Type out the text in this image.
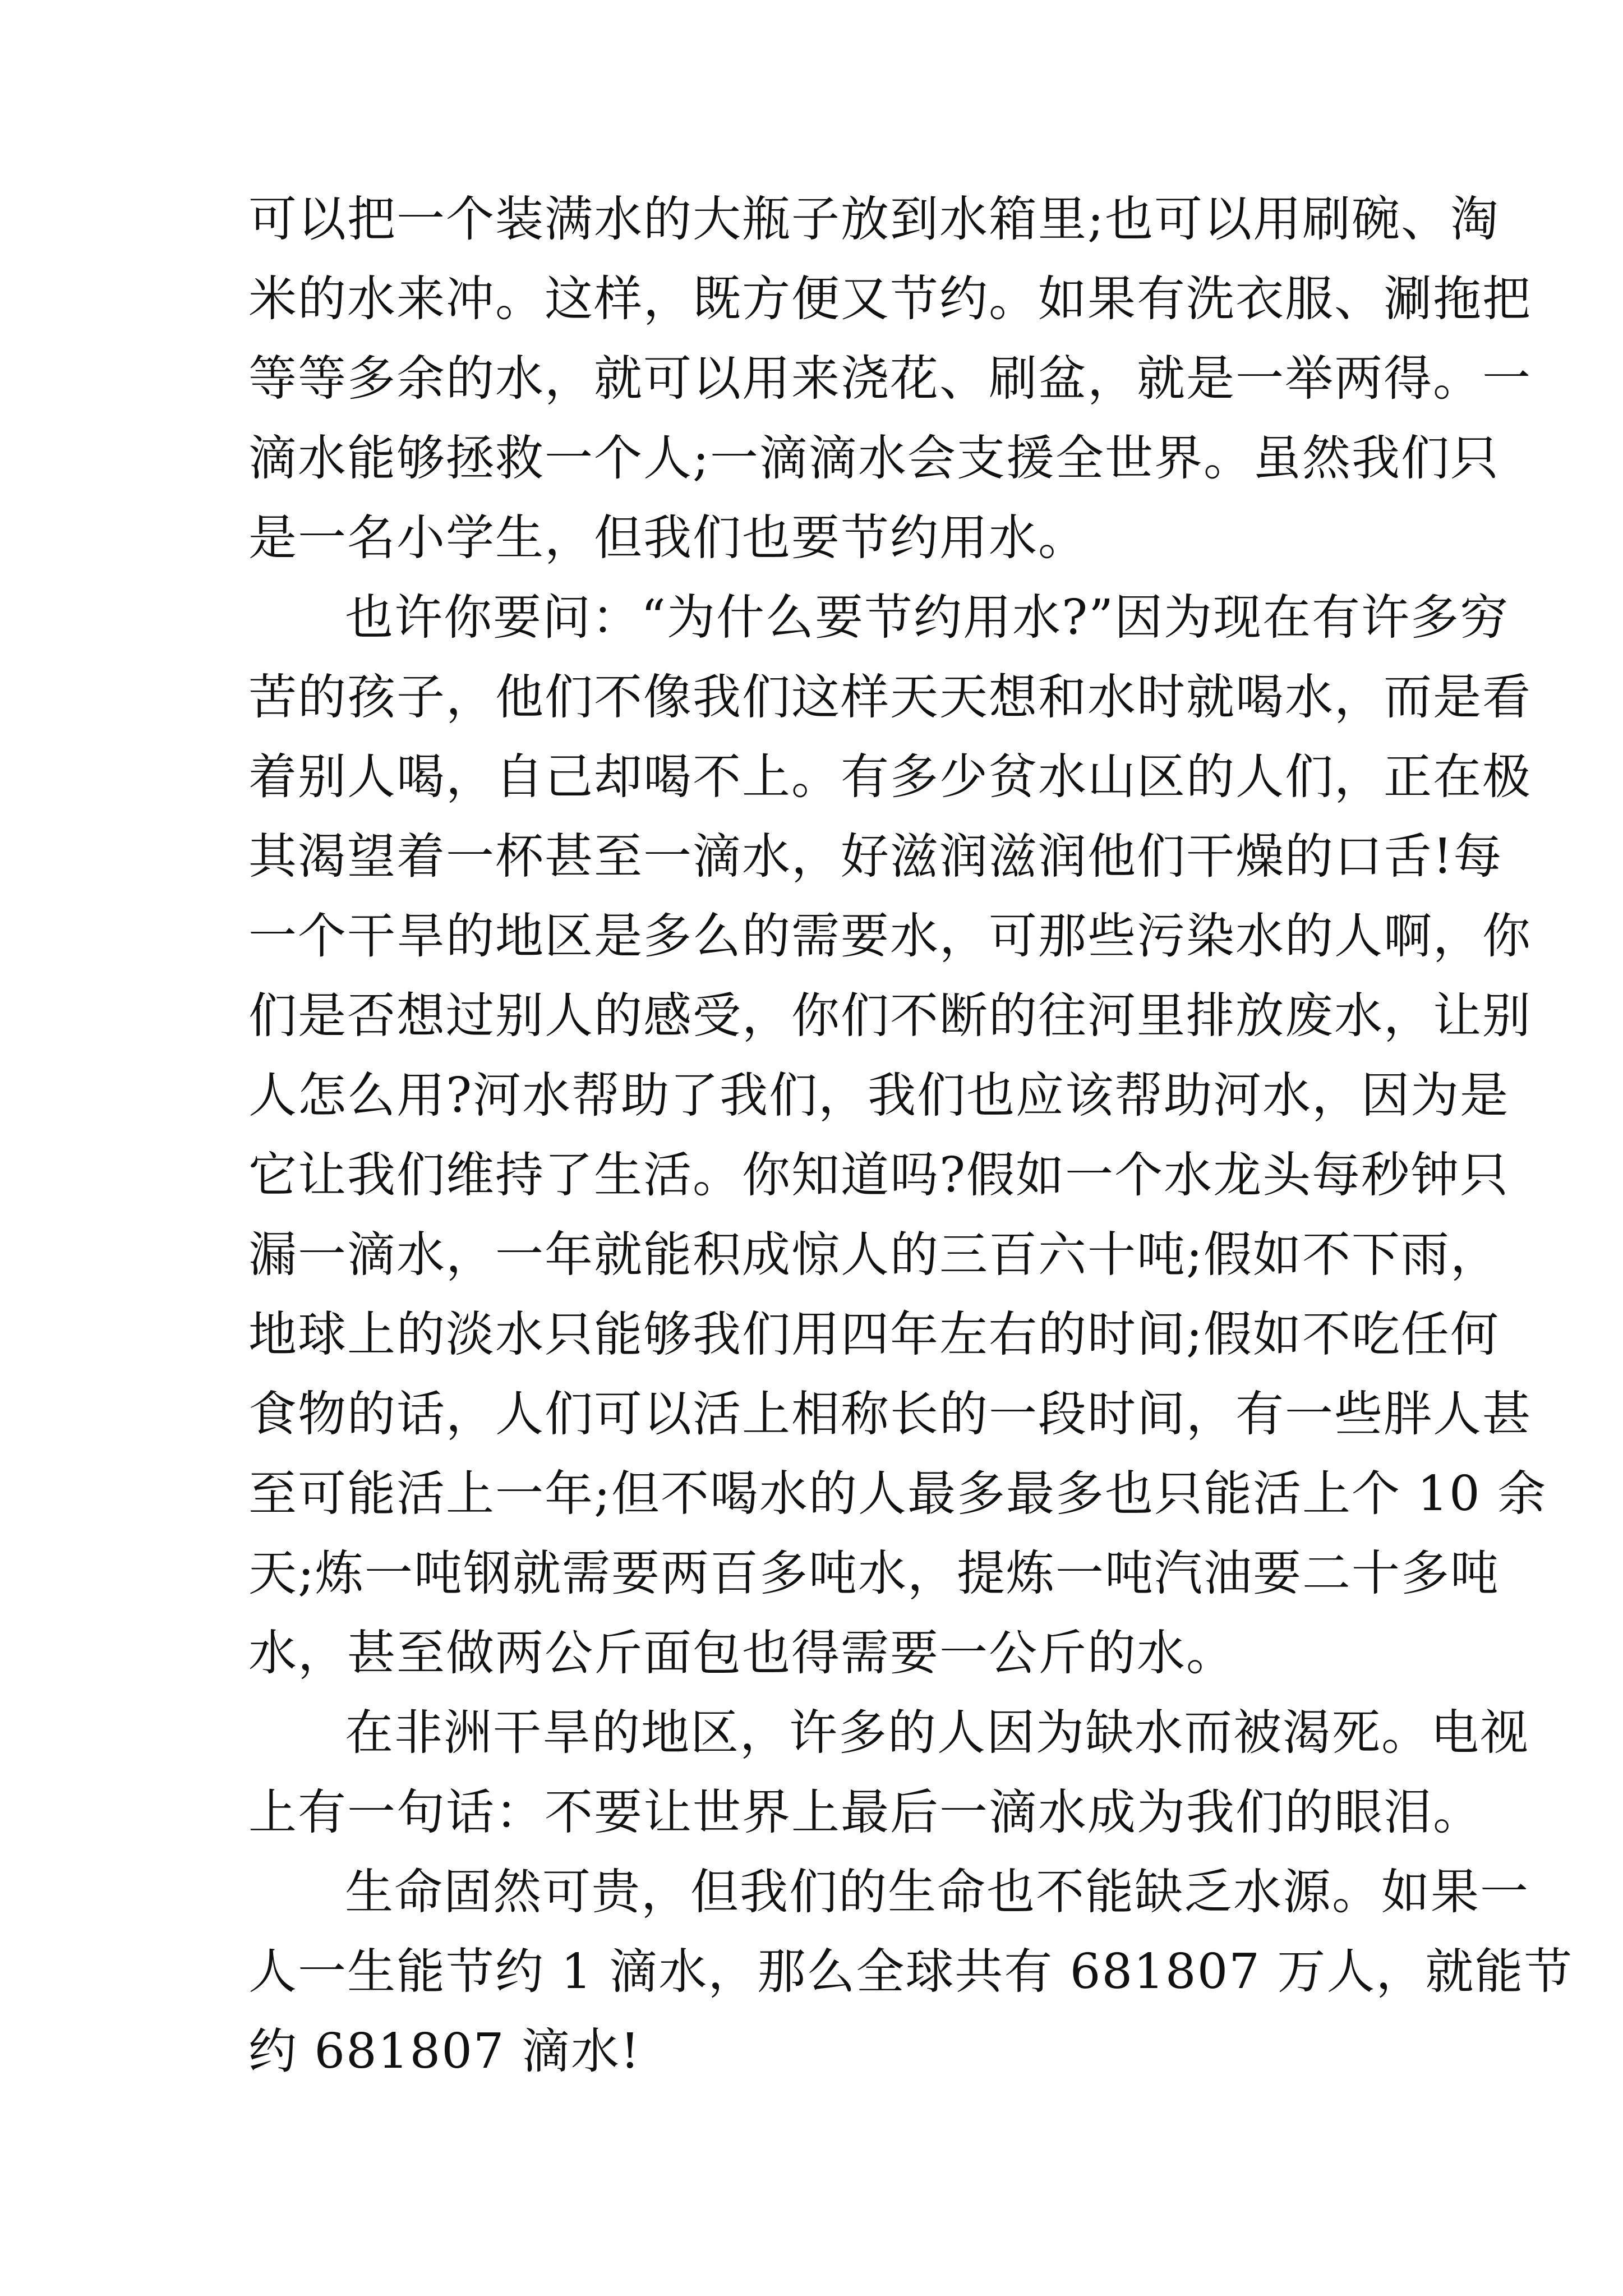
可以把一个装满水的大瓶子放到水箱里;也可以用刷碗、淘
米的水来冲。这样，既方便又节约。如果有洗衣服、涮拖把
等等多余的水，就可以用来浇花、刷盆，就是一举两得。一
滴水能够拯救一个人;一滴滴水会支援全世界。虽然我们只
是一名小学生，但我们也要节约用水。
也许你要问：“为什么要节约用水?”因为现在有许多穷
苦的孩子，他们不像我们这样天天想和水时就喝水，而是看
着别人喝，自己却喝不上。有多少贫水山区的人们，正在极
其渴望着一杯甚至一滴水，好滋润滋润他们干燥的口舌!每
一个干旱的地区是多么的需要水，可那些污染水的人啊，你
们是否想过别人的感受，你们不断的往河里排放废水，让别
人怎么用?河水帮助了我们，我们也应该帮助河水，因为是
它让我们维持了生活。你知道吗?假如一个水龙头每秒钟只
漏一滴水，一年就能积成惊人的三百六十吨;假如不下雨，
地球上的淡水只能够我们用四年左右的时间;假如不吃任何
食物的话，人们可以活上相称长的一段时间，有一些胖人甚
至可能活上一年;但不喝水的人最多最多也只能活上个 10 余
天;炼一吨钢就需要两百多吨水，提炼一吨汽油要二十多吨
水，甚至做两公斤面包也得需要一公斤的水。
在非洲干旱的地区，许多的人因为缺水而被渴死。电视
上有一句话：不要让世界上最后一滴水成为我们的眼泪。
生命固然可贵，但我们的生命也不能缺乏水源。如果一
人一生能节约 1 滴水，那么全球共有 681807 万人，就能节
约 681807 滴水!
